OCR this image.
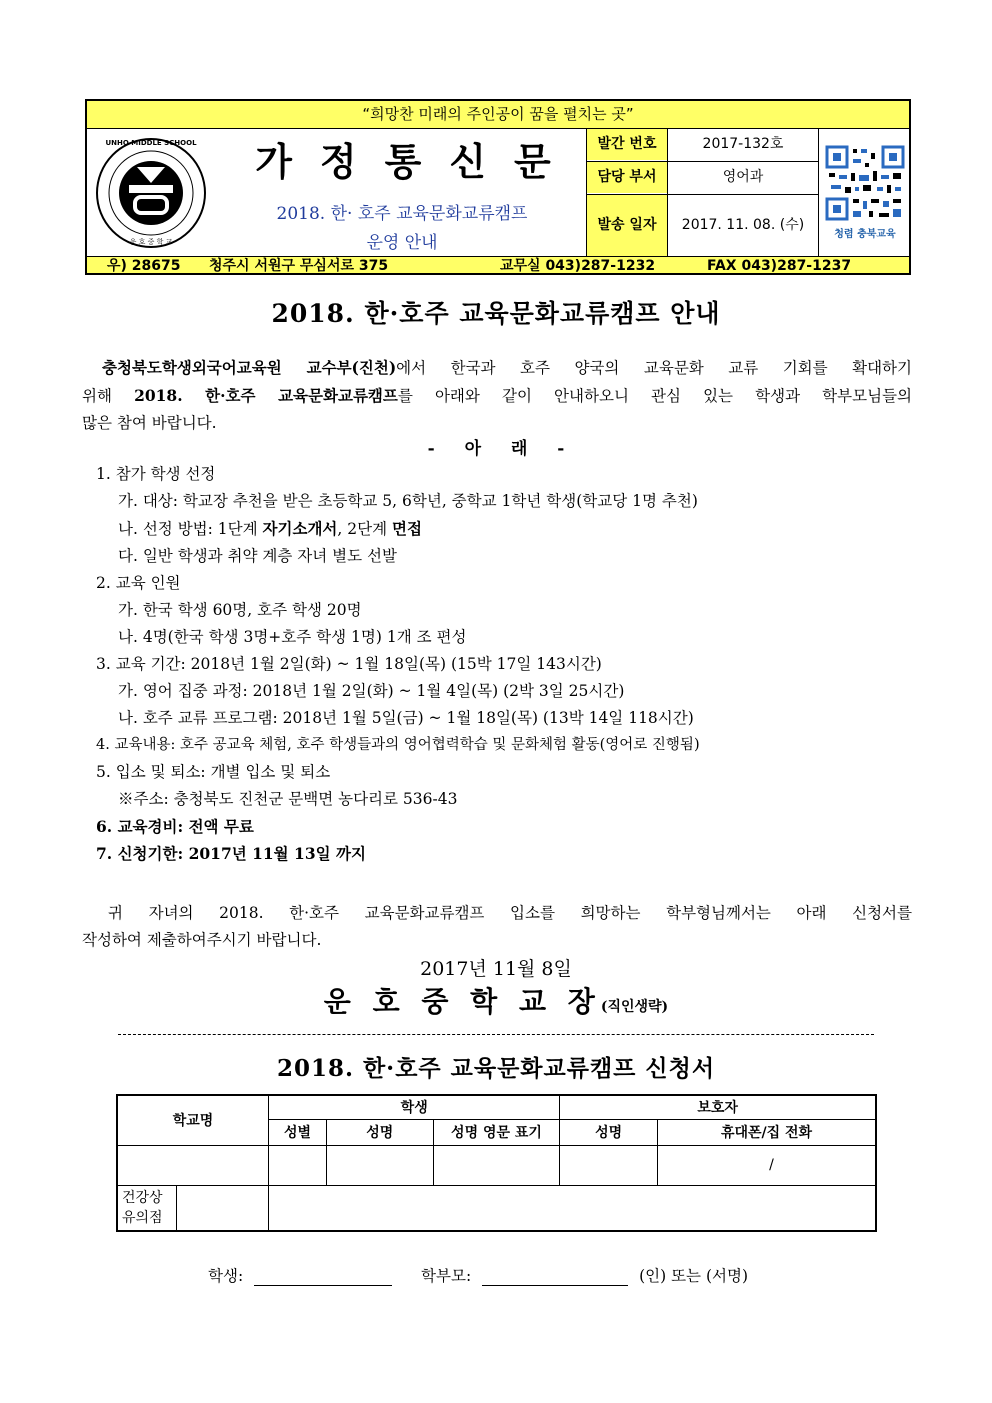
“희망찬 미래의 주인공이 꿈을 펼치는 곳”
UNHO MIDDLE SCHOOL
운 호 중 학 교
가정통신문
2018. 한· 호주 교육문화교류캠프
운영 안내
발간 번호	2017-132호
담당 부서	영어과
발송 일자	2017. 11. 08. (수)
청렴 충북교육
우) 28675 청주시 서원구 무심서로 375	교무실 043)287-1232	FAX 043)287-1237
2018. 한·호주 교육문화교류캠프 안내
충청북도학생외국어교육원 교수부(진천)에서 한국과 호주 양국의 교육문화 교류 기회를 확대하기
위해 2018. 한·호주 교육문화교류캠프를 아래와 같이 안내하오니 관심 있는 학생과 학부모님들의
많은 참여 바랍니다.
- 아 래 -
1. 참가 학생 선정
가. 대상: 학교장 추천을 받은 초등학교 5, 6학년, 중학교 1학년 학생(학교당 1명 추천)
나. 선정 방법: 1단계 자기소개서, 2단계 면접
다. 일반 학생과 취약 계층 자녀 별도 선발
2. 교육 인원
가. 한국 학생 60명, 호주 학생 20명
나. 4명(한국 학생 3명+호주 학생 1명) 1개 조 편성
3. 교육 기간: 2018년 1월 2일(화) ~ 1월 18일(목) (15박 17일 143시간)
가. 영어 집중 과정: 2018년 1월 2일(화) ~ 1월 4일(목) (2박 3일 25시간)
나. 호주 교류 프로그램: 2018년 1월 5일(금) ~ 1월 18일(목) (13박 14일 118시간)
4. 교육내용: 호주 공교육 체험, 호주 학생들과의 영어협력학습 및 문화체험 활동(영어로 진행됨)
5. 입소 및 퇴소: 개별 입소 및 퇴소
※주소: 충청북도 진천군 문백면 농다리로 536-43
6. 교육경비: 전액 무료
7. 신청기한: 2017년 11월 13일 까지
귀 자녀의 2018. 한·호주 교육문화교류캠프 입소를 희망하는 학부형님께서는 아래 신청서를
작성하여 제출하여주시기 바랍니다.
2017년 11월 8일
운 호 중 학 교 장(직인생략)
2018. 한·호주 교육문화교류캠프 신청서
학교명	학생			보호자	
	성별	성명	성명 영문 표기	성명	휴대폰/집 전화
					/

건강상
유의점					

학생:	학부모:	(인) 또는 (서명)
